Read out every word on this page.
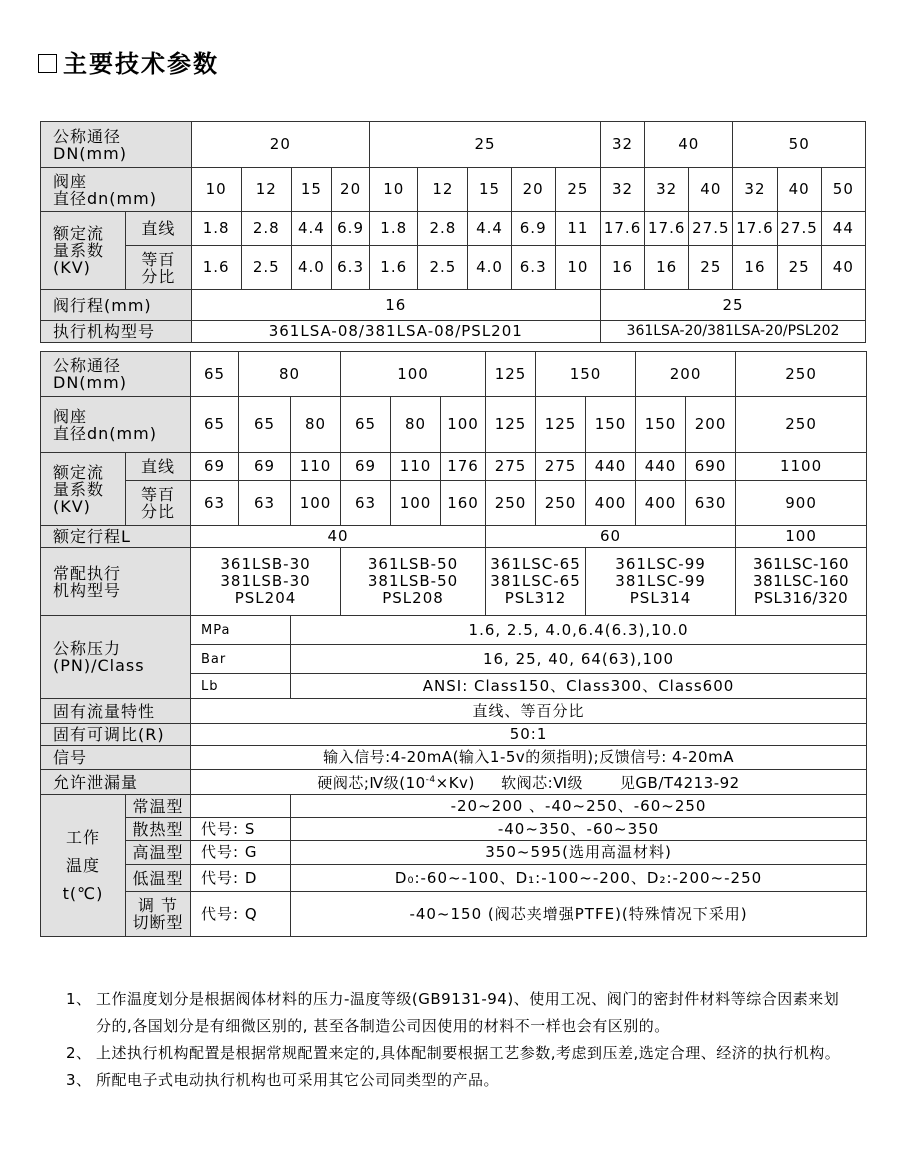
主要技术参数
公称通径
DN(mm)		20				25					32	40		50		
阀座
直径dn(mm)		10	12	15	20	10	12	15	20	25	32	32	40	32	40	50
额定流
量系数
(KV)	直线	1.8	2.8	4.4	6.9	1.8	2.8	4.4	6.9	11	17.6	17.6	27.5	17.6	27.5	44
	等百
分比	1.6	2.5	4.0	6.3	1.6	2.5	4.0	6.3	10	16	16	25	16	25	40
阀行程(mm)		16									25					
执行机构型号		361LSA-08/381LSA-08/PSL201									361LSA-20/381LSA-20/PSL202					
公称通径
DN(mm)		65	80		100			125	150		200		250
阀座
直径dn(mm)		65	65	80	65	80	100	125	125	150	150	200	250
额定流
量系数
(KV)	直线	69	69	110	69	110	176	275	275	440	440	690	1100
	等百
分比	63	63	100	63	100	160	250	250	400	400	630	900
额定行程L		40						60					100
常配执行
机构型号		361LSB-30
381LSB-30
PSL204			361LSB-50
381LSB-50
PSL208			361LSC-65
381LSC-65
PSL312		361LSC-99
381LSC-99
PSL314			361LSC-160
381LSC-160
PSL316/320
公称压力
(PN)/Class		MPa		1.6, 2.5, 4.0,6.4(6.3),10.0									
		Bar		16, 25, 40, 64(63),100									
		Lb		ANSI: Class150、Class300、Class600									
固有流量特性		直线、等百分比											
固有可调比(R)		50:1											
信号		输入信号:4-20mA(输入1-5v的须指明);反馈信号: 4-20mA											
允许泄漏量		硬阀芯;Ⅳ级$(10^{-4}\times Kv)$ 软阀芯:Ⅵ级 见GB/T4213-92											
工作
温度
t(℃)	常温型			-20~200 、-40~250、-60~250									
	散热型	代号: S		-40~350、-60~350									
	高温型	代号: G		350~595(选用高温材料)									
	低温型	代号: D		D₀:-60~-100、D₁:-100~-200、D₂:-200~-250									
	调 节
切断型	代号: Q		-40~150 (阀芯夹增强PTFE)(特殊情况下采用)									
1、 工作温度划分是根据阀体材料的压力-温度等级(GB9131-94)、使用工况、阀门的密封件材料等综合因素来划分的,各国划分是有细微区别的, 甚至各制造公司因使用的材料不一样也会有区别的。
2、 上述执行机构配置是根据常规配置来定的,具体配制要根据工艺参数,考虑到压差,选定合理、经济的执行机构。
3、 所配电子式电动执行机构也可采用其它公司同类型的产品。
